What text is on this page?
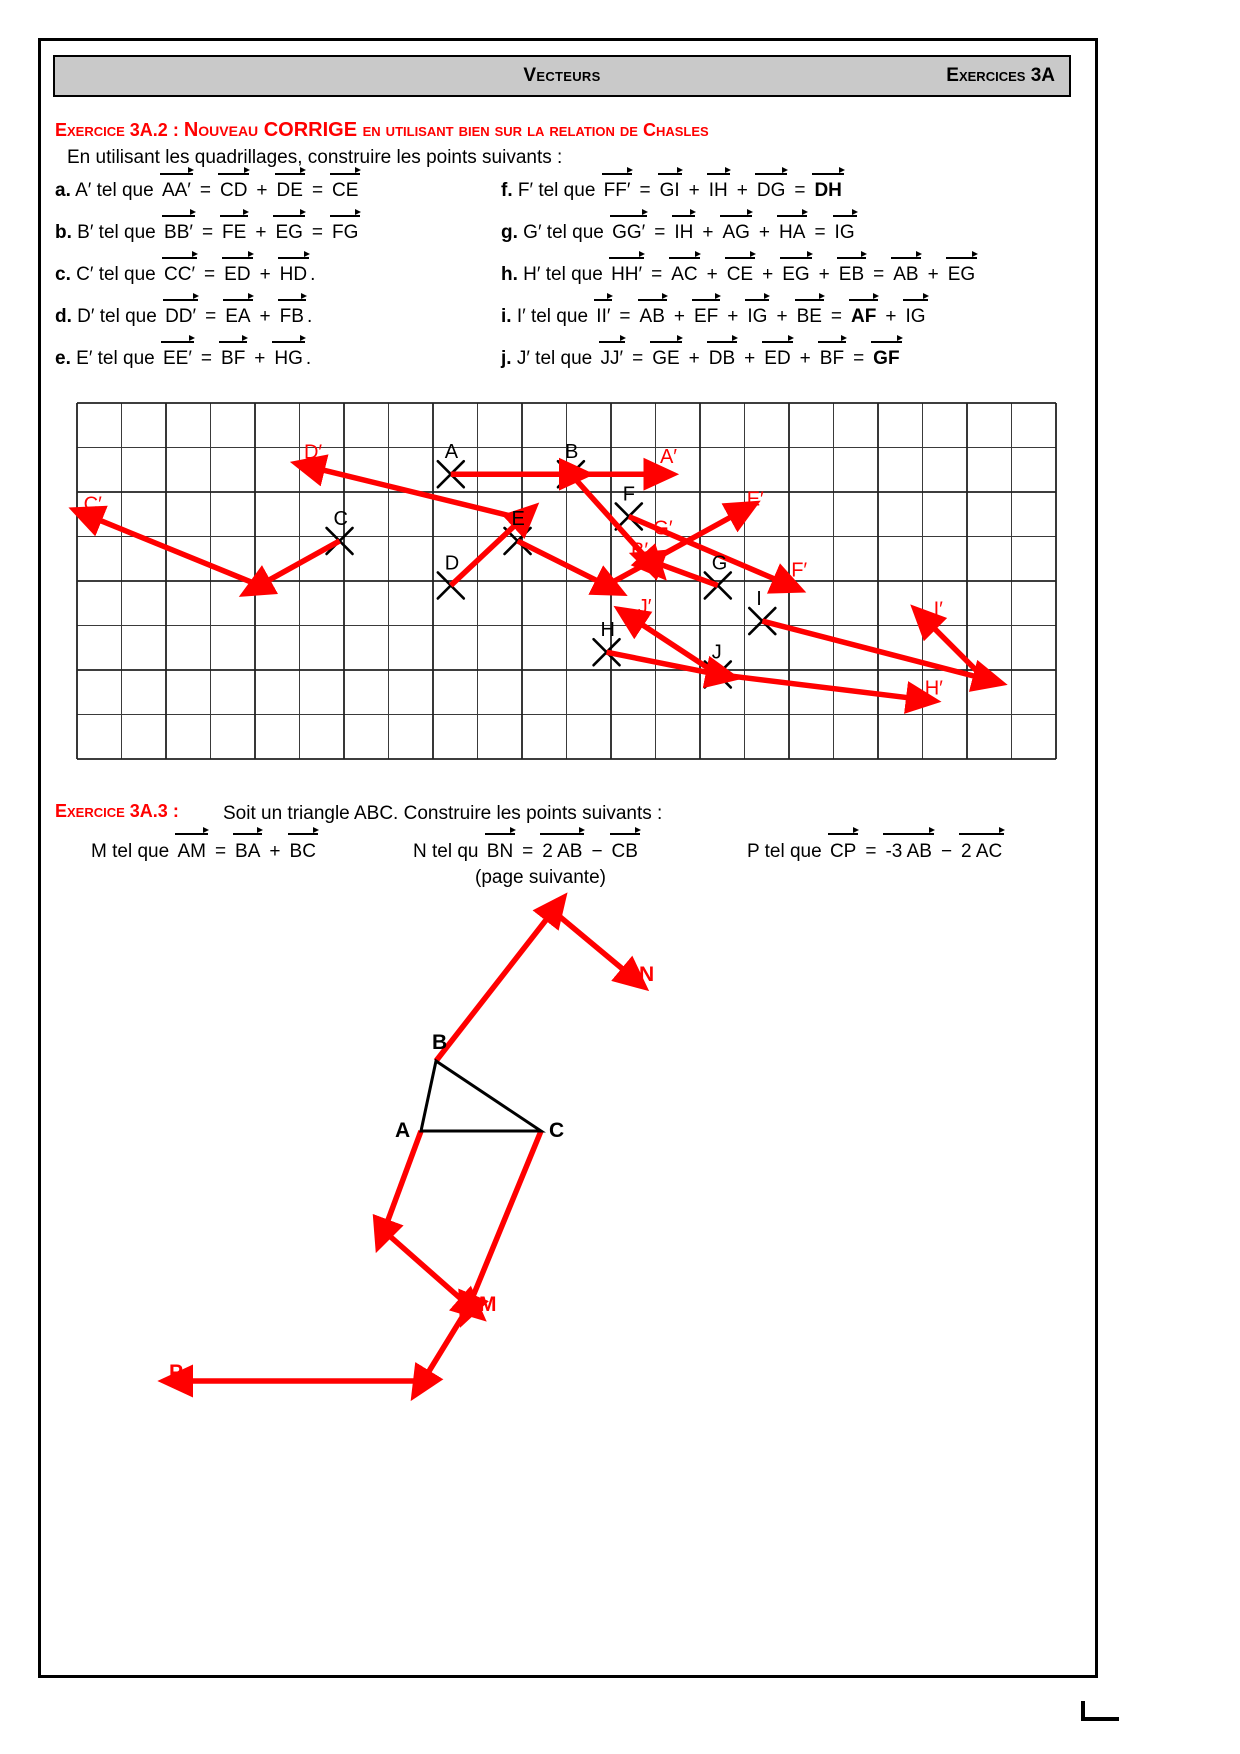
Vecteurs	Exercices 3A
Exercice 3A.2 : Nouveau CORRIGE en utilisant bien sur la relation de Chasles
En utilisant les quadrillages, construire les points suivants :
a. A′ tel que AA′ = CD + DE = CE
b. B′ tel que BB′ = FE + EG = FG
c. C′ tel que CC′ = ED + HD .
d. D′ tel que DD′ = EA + FB .
e. E′ tel que EE′ = BF + HG .
f. F′ tel que FF′ = GI + IH + DG = DH
g. G′ tel que GG′ = IH + AG + HA = IG
h. H′ tel que HH′ = AC + CE + EG + EB = AB + EG
i. I′ tel que II′ = AB + EF + IG + BE = AF + IG
j. J′ tel que JJ′ = GE + DB + ED + BF = GF
A	B
C
D
E
F
G
H
I
J
A′
B′
C′
D′
E′
F′
G′
H′
I′
J′
Exercice 3A.3 : Soit un triangle ABC. Construire les points suivants :
M tel que AM = BA + BC	N tel qu BN = 2 AB − CB
(page suivante)
P tel que CP = -3 AB − 2 AC
A
B
C
N
M
P
